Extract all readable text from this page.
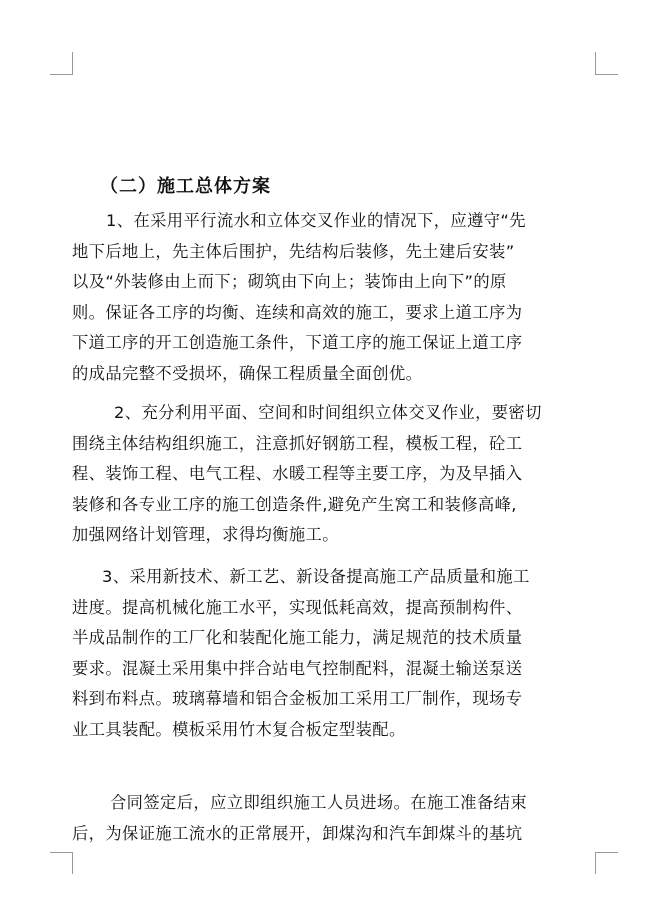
（二）施工总体方案
1、在采用平行流水和立体交叉作业的情况下，应遵守“先
地下后地上，先主体后围护，先结构后装修，先土建后安装”
以及“外装修由上而下；砌筑由下向上；装饰由上向下”的原
则。保证各工序的均衡、连续和高效的施工，要求上道工序为
下道工序的开工创造施工条件，下道工序的施工保证上道工序
的成品完整不受损坏，确保工程质量全面创优。
2、充分利用平面、空间和时间组织立体交叉作业，要密切
围绕主体结构组织施工，注意抓好钢筋工程，模板工程，砼工
程、装饰工程、电气工程、水暖工程等主要工序，为及早插入
装修和各专业工序的施工创造条件,避免产生窝工和装修高峰,
加强网络计划管理，求得均衡施工。
3、采用新技术、新工艺、新设备提高施工产品质量和施工
进度。提高机械化施工水平，实现低耗高效，提高预制构件、
半成品制作的工厂化和装配化施工能力，满足规范的技术质量
要求。混凝土采用集中拌合站电气控制配料，混凝土输送泵送
料到布料点。玻璃幕墙和铝合金板加工采用工厂制作，现场专
业工具装配。模板采用竹木复合板定型装配。
合同签定后，应立即组织施工人员进场。在施工准备结束
后，为保证施工流水的正常展开，卸煤沟和汽车卸煤斗的基坑
